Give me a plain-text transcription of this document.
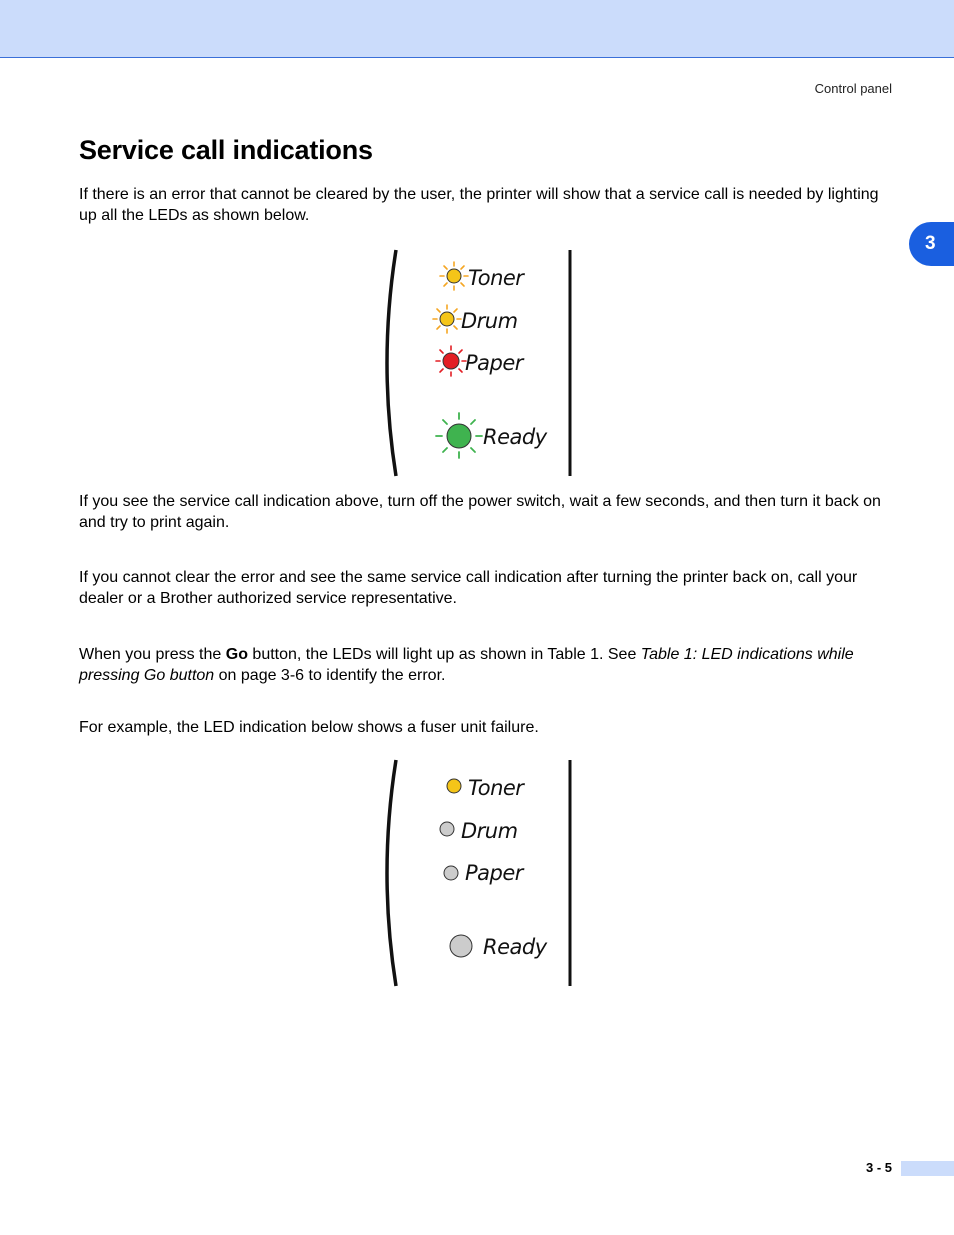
Control panel
3
Service call indications

If there is an error that cannot be cleared by the user, the printer will show that a service call is needed by lighting up all the LEDs as shown below.

Toner
Drum
Paper
Ready

If you see the service call indication above, turn off the power switch, wait a few seconds, and then turn it back on and try to print again.

If you cannot clear the error and see the same service call indication after turning the printer back on, call your dealer or a Brother authorized service representative.

When you press the Go button, the LEDs will light up as shown in Table 1. See Table 1: LED indications while pressing Go button on page 3-6 to identify the error.

For example, the LED indication below shows a fuser unit failure.

Toner
Drum
Paper
Ready
3 - 5
